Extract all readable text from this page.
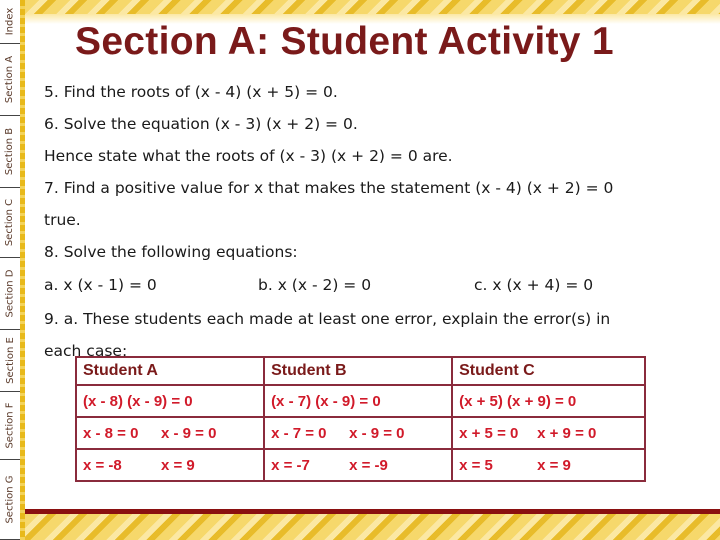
Index
Section A
Section B
Section C
Section D
Section E
Section F
Section G
Section A: Student Activity 1
5. Find the roots of (x - 4) (x + 5) = 0.
6. Solve the equation (x - 3) (x + 2) = 0.
Hence state what the roots of (x - 3) (x + 2) = 0 are.
7. Find a positive value for x that makes the statement (x - 4) (x + 2) = 0
true.
8. Solve the following equations:
a. x (x - 1) = 0	b. x (x - 2) = 0	c. x (x + 4) = 0
9. a. These students each made at least one error, explain the error(s) in
each case:
Student A	Student B	Student C
(x - 8) (x - 9) = 0	(x - 7) (x - 9) = 0	(x + 5) (x + 9) = 0
x - 8 = 0 x - 9 = 0	x - 7 = 0 x - 9 = 0	x + 5 = 0 x + 9 = 0
x = -8 x = 9	x = -7 x = -9	x = 5 x = 9
